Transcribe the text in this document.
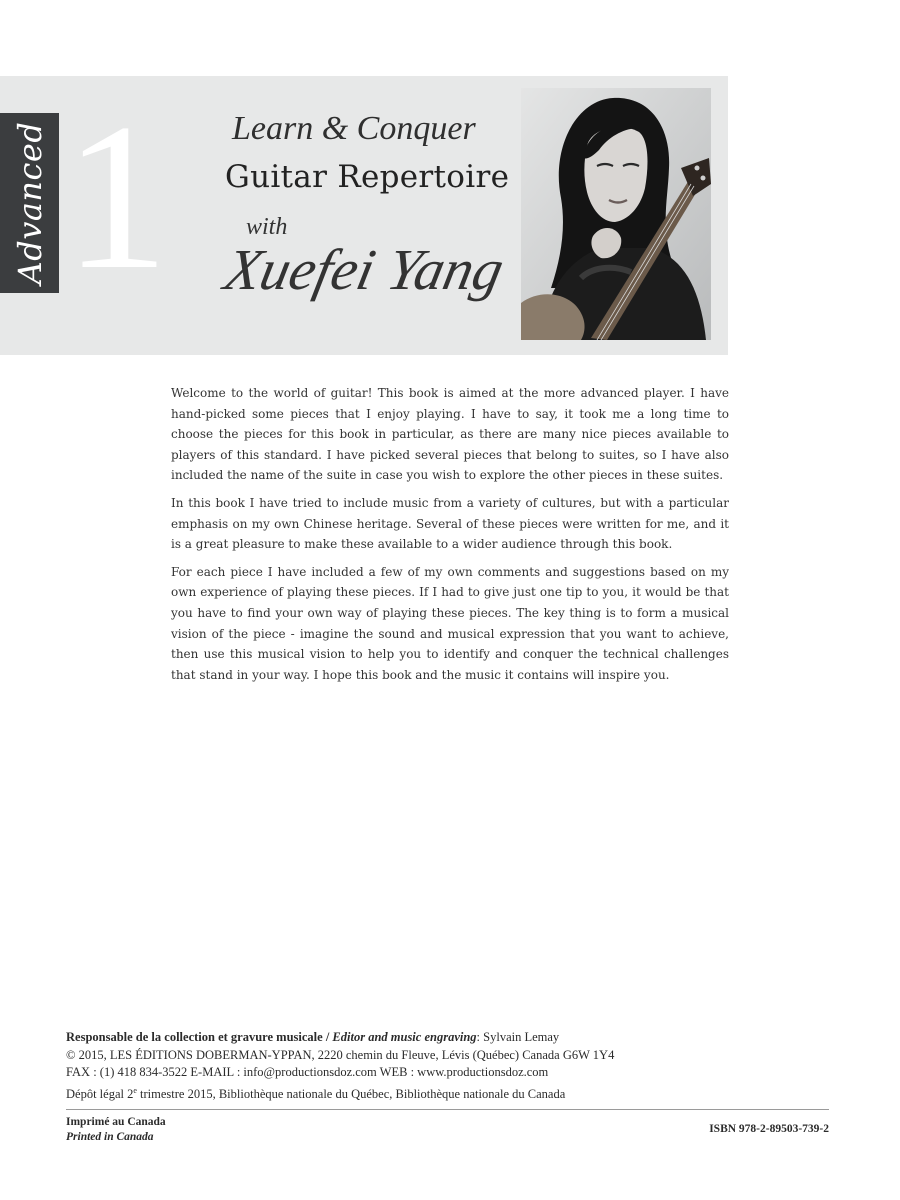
Advanced 1 Learn & Conquer
Guitar Repertoire
with
Xuefei Yang

Welcome to the world of guitar! This book is aimed at the more advanced player. I have hand-picked some pieces that I enjoy playing. I have to say, it took me a long time to choose the pieces for this book in particular, as there are many nice pieces available to players of this standard. I have picked several pieces that belong to suites, so I have also included the name of the suite in case you wish to explore the other pieces in these suites.

In this book I have tried to include music from a variety of cultures, but with a particular emphasis on my own Chinese heritage. Several of these pieces were written for me, and it is a great pleasure to make these available to a wider audience through this book.

For each piece I have included a few of my own comments and suggestions based on my own experience of playing these pieces. If I had to give just one tip to you, it would be that you have to find your own way of playing these pieces. The key thing is to form a musical vision of the piece - imagine the sound and musical expression that you want to achieve, then use this musical vision to help you to identify and conquer the technical challenges that stand in your way. I hope this book and the music it contains will inspire you.

Responsable de la collection et gravure musicale / Editor and music engraving: Sylvain Lemay
© 2015, LES ÉDITIONS DOBERMAN-YPPAN, 2220 chemin du Fleuve, Lévis (Québec) Canada G6W 1Y4
FAX : (1) 418 834-3522 E-MAIL : info@productionsdoz.com WEB : www.productionsdoz.com
Dépôt légal 2e trimestre 2015, Bibliothèque nationale du Québec, Bibliothèque nationale du Canada
Imprimé au Canada
Printed in Canada
ISBN 978-2-89503-739-2
